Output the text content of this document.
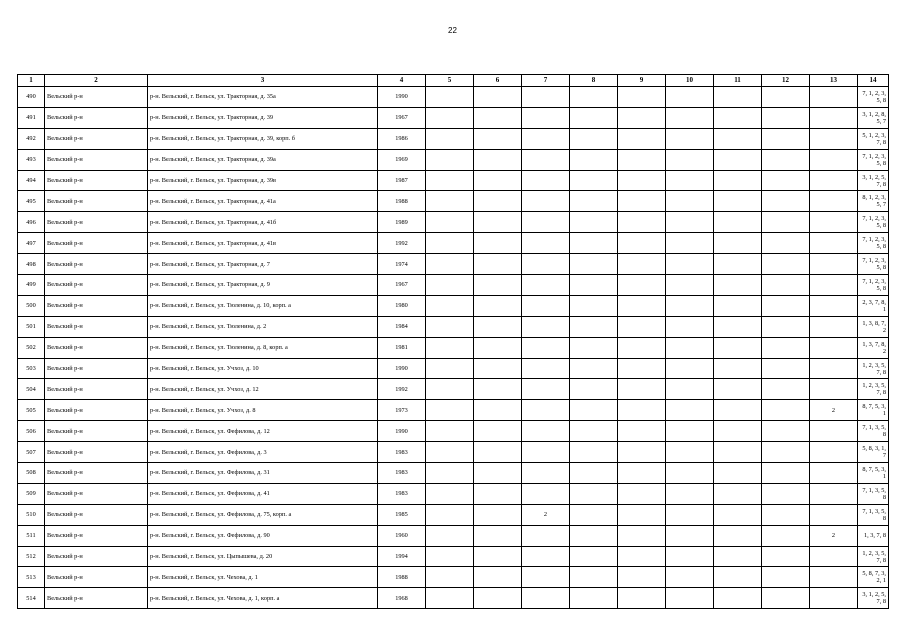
22
1	2	3	4	5	6	7	8	9	10	11	12	13	14
490	Вельский р-н	р-н. Вельский, г. Вельск, ул. Тракторная, д. 35а	1990										7, 1, 2, 3, 5, 8
491	Вельский р-н	р-н. Вельский, г. Вельск, ул. Тракторная, д. 39	1967										3, 1, 2, 8, 5, 7
492	Вельский р-н	р-н. Вельский, г. Вельск, ул. Тракторная, д. 39, корп. б	1986										5, 1, 2, 3, 7, 8
493	Вельский р-н	р-н. Вельский, г. Вельск, ул. Тракторная, д. 39а	1969										7, 1, 2, 3, 5, 8
494	Вельский р-н	р-н. Вельский, г. Вельск, ул. Тракторная, д. 39в	1987										3, 1, 2, 5, 7, 8
495	Вельский р-н	р-н. Вельский, г. Вельск, ул. Тракторная, д. 41а	1988										8, 1, 2, 3, 5, 7
496	Вельский р-н	р-н. Вельский, г. Вельск, ул. Тракторная, д. 41б	1989										7, 1, 2, 3, 5, 8
497	Вельский р-н	р-н. Вельский, г. Вельск, ул. Тракторная, д. 41в	1992										7, 1, 2, 3, 5, 8
498	Вельский р-н	р-н. Вельский, г. Вельск, ул. Тракторная, д. 7	1974										7, 1, 2, 3, 5, 8
499	Вельский р-н	р-н. Вельский, г. Вельск, ул. Тракторная, д. 9	1967										7, 1, 2, 3, 5, 8
500	Вельский р-н	р-н. Вельский, г. Вельск, ул. Тюленина, д. 10, корп. а	1980										2, 3, 7, 8, 1
501	Вельский р-н	р-н. Вельский, г. Вельск, ул. Тюленина, д. 2	1984										1, 3, 8, 7, 2
502	Вельский р-н	р-н. Вельский, г. Вельск, ул. Тюленина, д. 8, корп. а	1981										1, 3, 7, 8, 2
503	Вельский р-н	р-н. Вельский, г. Вельск, ул. Учхоз, д. 10	1990										1, 2, 3, 5, 7, 8
504	Вельский р-н	р-н. Вельский, г. Вельск, ул. Учхоз, д. 12	1992										1, 2, 3, 5, 7, 8
505	Вельский р-н	р-н. Вельский, г. Вельск, ул. Учхоз, д. 8	1973									2	8, 7, 5, 3, 1
506	Вельский р-н	р-н. Вельский, г. Вельск, ул. Фефилова, д. 12	1990										7, 1, 3, 5, 8
507	Вельский р-н	р-н. Вельский, г. Вельск, ул. Фефилова, д. 3	1983										5, 8, 3, 1, 7
508	Вельский р-н	р-н. Вельский, г. Вельск, ул. Фефилова, д. 31	1983										8, 7, 5, 3, 1
509	Вельский р-н	р-н. Вельский, г. Вельск, ул. Фефилова, д. 41	1983										7, 1, 3, 5, 8
510	Вельский р-н	р-н. Вельский, г. Вельск, ул. Фефилова, д. 75, корп. а	1985			2							7, 1, 3, 5, 8
511	Вельский р-н	р-н. Вельский, г. Вельск, ул. Фефилова, д. 90	1960									2	1, 3, 7, 8
512	Вельский р-н	р-н. Вельский, г. Вельск, ул. Цыпышева, д. 20	1994										1, 2, 3, 5, 7, 8
513	Вельский р-н	р-н. Вельский, г. Вельск, ул. Чехова, д. 1	1988										5, 8, 7, 3, 2, 1
514	Вельский р-н	р-н. Вельский, г. Вельск, ул. Чехова, д. 1, корп. а	1968										3, 1, 2, 5, 7, 8
